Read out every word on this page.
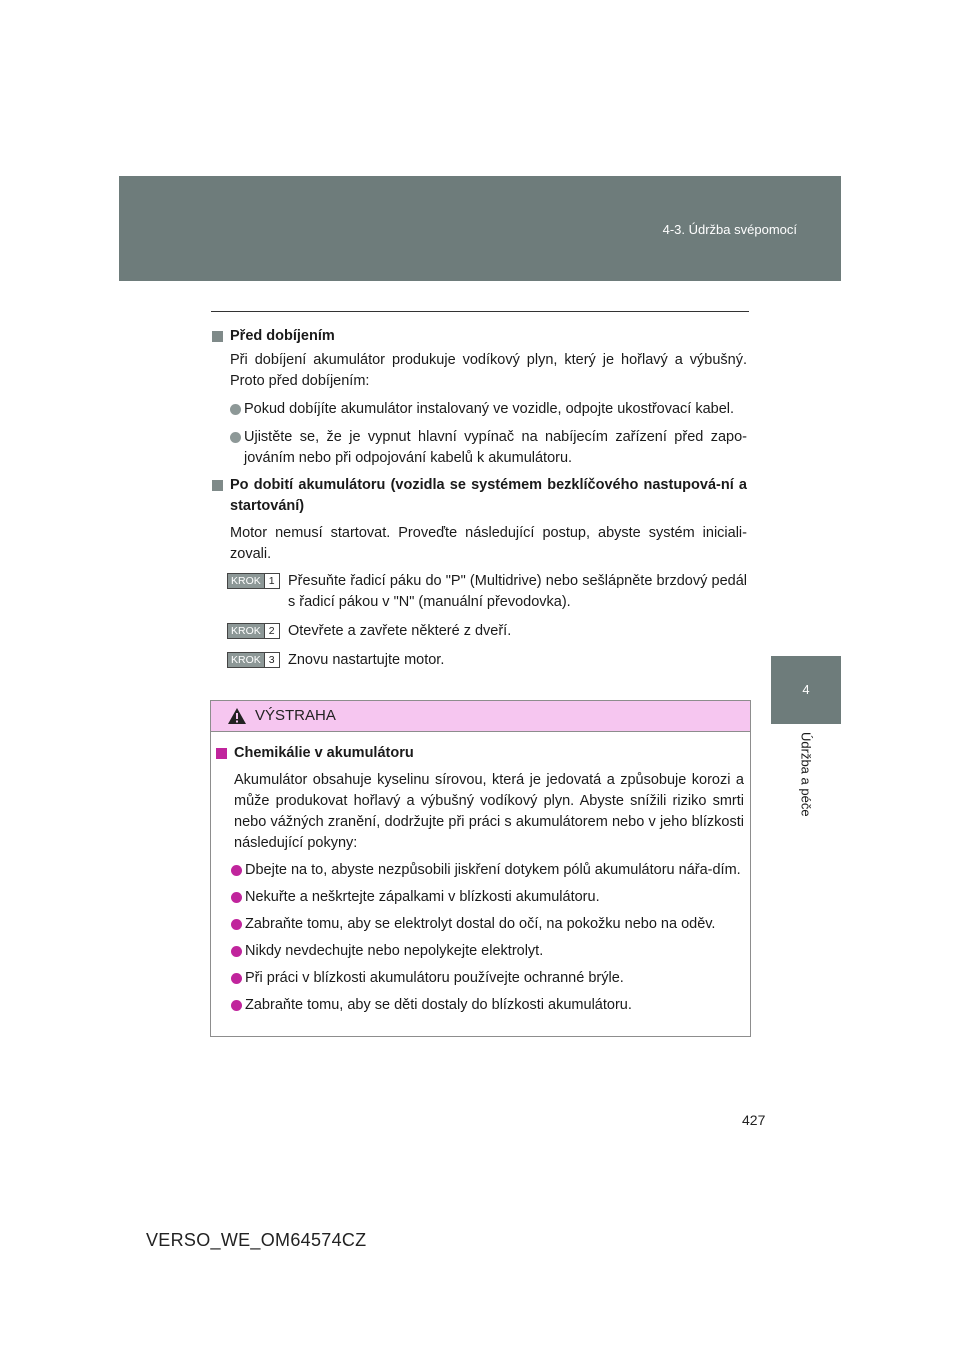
4-3. Údržba svépomocí
4
Údržba a péče

Před dobíjením

Při dobíjení akumulátor produkuje vodíkový plyn, který je hořlavý a výbušný. Proto před dobíjením:

Pokud dobíjíte akumulátor instalovaný ve vozidle, odpojte ukostřovací kabel.
Ujistěte se, že je vypnut hlavní vypínač na nabíjecím zařízení před zapo-jováním nebo při odpojování kabelů k akumulátoru.

Po dobití akumulátoru (vozidla se systémem bezklíčového nastupová-ní a startování)

Motor nemusí startovat. Proveďte následující postup, abyste systém iniciali-zovali.

KROK 1 Přesuňte řadicí páku do "P" (Multidrive) nebo sešlápněte brzdový pedál s řadicí pákou v "N" (manuální převodovka).
KROK 2 Otevřete a zavřete některé z dveří.
KROK 3 Znovu nastartujte motor.
VÝSTRAHA

Chemikálie v akumulátoru

Akumulátor obsahuje kyselinu sírovou, která je jedovatá a způsobuje korozi a může produkovat hořlavý a výbušný vodíkový plyn. Abyste snížili riziko smrti nebo vážných zranění, dodržujte při práci s akumulátorem nebo v jeho blízkosti následující pokyny:

Dbejte na to, abyste nezpůsobili jiskření dotykem pólů akumulátoru nářa-dím.
Nekuřte a neškrtejte zápalkami v blízkosti akumulátoru.
Zabraňte tomu, aby se elektrolyt dostal do očí, na pokožku nebo na oděv.
Nikdy nevdechujte nebo nepolykejte elektrolyt.
Při práci v blízkosti akumulátoru používejte ochranné brýle.
Zabraňte tomu, aby se děti dostaly do blízkosti akumulátoru.
427
VERSO_WE_OM64574CZ
